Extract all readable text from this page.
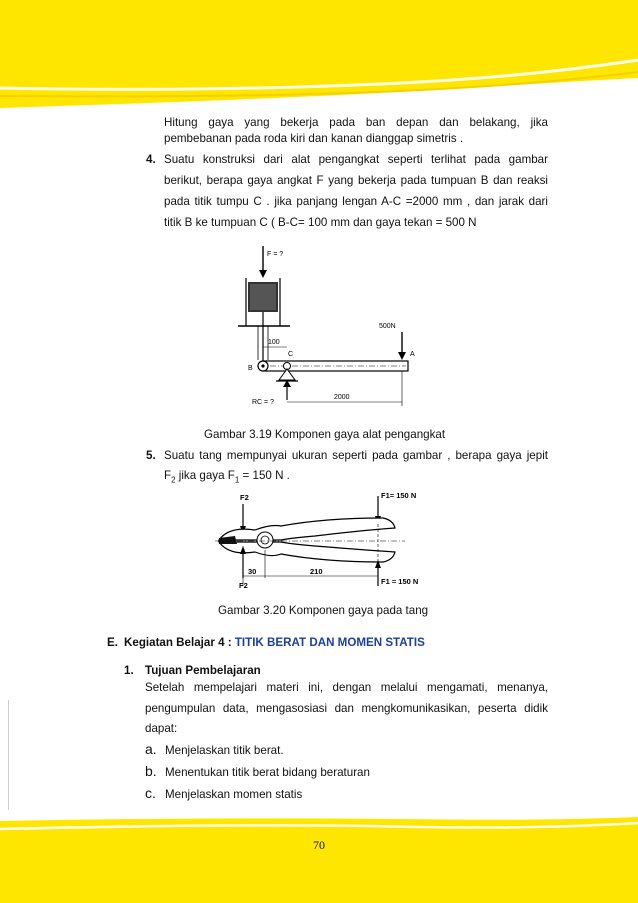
Hitung gaya yang bekerja pada ban depan dan belakang, jika
pembebanan pada roda kiri dan kanan dianggap simetris .
4. Suatu konstruksi dari alat pengangkat seperti terlihat pada gambar
berikut, berapa gaya angkat F yang bekerja pada tumpuan B dan reaksi
pada titik tumpu C . jika panjang lengan A-C =2000 mm , dan jarak dari
titik B ke tumpuan C ( B-C= 100 mm dan gaya tekan = 500 N
F = ?
100
C
500N
A
B
RC = ?
2000
Gambar 3.19 Komponen gaya alat pengangkat
5. Suatu tang mempunyai ukuran seperti pada gambar , berapa gaya jepit
$F_2$ jika gaya $F_1 = 150$ N .
F2	F1= 150 N
F2	F1 = 150 N
30	210
Gambar 3.20 Komponen gaya pada tang
E. Kegiatan Belajar 4 : TITIK BERAT DAN MOMEN STATIS
1. Tujuan Pembelajaran
Setelah mempelajari materi ini, dengan melalui mengamati, menanya,
pengumpulan data, mengasosiasi dan mengkomunikasikan, peserta didik
dapat:
a. Menjelaskan titik berat.
b. Menentukan titik berat bidang beraturan
c. Menjelaskan momen statis
70
